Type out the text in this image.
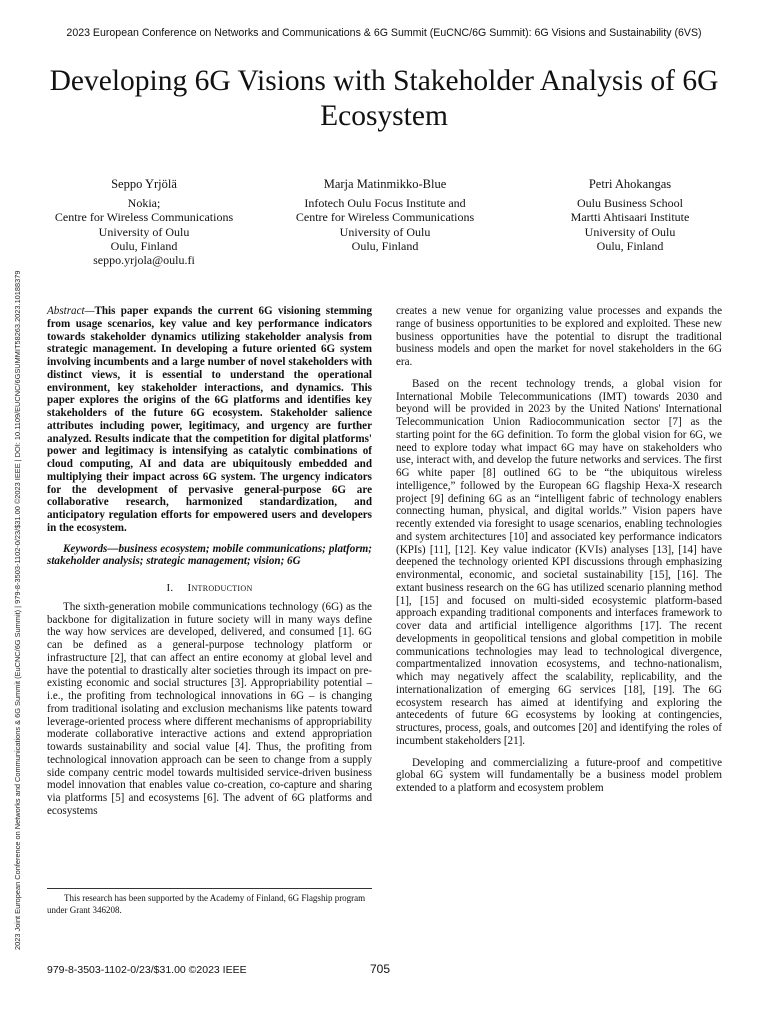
2023 European Conference on Networks and Communications & 6G Summit (EuCNC/6G Summit): 6G Visions and Sustainability (6VS)
Developing 6G Visions with Stakeholder Analysis of 6G Ecosystem
Seppo Yrjölä
Nokia;
Centre for Wireless Communications
University of Oulu
Oulu, Finland
seppo.yrjola@oulu.fi
Marja Matinmikko-Blue
Infotech Oulu Focus Institute and
Centre for Wireless Communications
University of Oulu
Oulu, Finland
Petri Ahokangas
Oulu Business School
Martti Ahtisaari Institute
University of Oulu
Oulu, Finland
2023 Joint European Conference on Networks and Communications & 6G Summit (EuCNC/6G Summit) | 979-8-3503-1102-0/23/$31.00 ©2023 IEEE | DOI: 10.1109/EUCNC/6GSUMMIT58263.2023.10188379 Abstract—This paper expands the current 6G visioning stemming from usage scenarios, key value and key performance indicators towards stakeholder dynamics utilizing stakeholder analysis from strategic management. In developing a future oriented 6G system involving incumbents and a large number of novel stakeholders with distinct views, it is essential to understand the operational environment, key stakeholder interactions, and dynamics. This paper explores the origins of the 6G platforms and identifies key stakeholders of the future 6G ecosystem. Stakeholder salience attributes including power, legitimacy, and urgency are further analyzed. Results indicate that the competition for digital platforms' power and legitimacy is intensifying as catalytic combinations of cloud computing, AI and data are ubiquitously embedded and multiplying their impact across 6G system. The urgency indicators for the development of pervasive general-purpose 6G are collaborative research, harmonized standardization, and anticipatory regulation efforts for empowered users and developers in the ecosystem.

Keywords—business ecosystem; mobile communications; platform; stakeholder analysis; strategic management; vision; 6G

I. Introduction

The sixth-generation mobile communications technology (6G) as the backbone for digitalization in future society will in many ways define the way how services are developed, delivered, and consumed [1]. 6G can be defined as a general-purpose technology platform or infrastructure [2], that can affect an entire economy at global level and have the potential to drastically alter societies through its impact on pre-existing economic and social structures [3]. Appropriability potential – i.e., the profiting from technological innovations in 6G – is changing from traditional isolating and exclusion mechanisms like patents toward leverage-oriented process where different mechanisms of appropriability moderate collaborative interactive actions and extend appropriation towards sustainability and social value [4]. Thus, the profiting from technological innovation approach can be seen to change from a supply side company centric model towards multisided service-driven business model innovation that enables value co-creation, co-capture and sharing via platforms [5] and ecosystems [6]. The advent of 6G platforms and ecosystems

creates a new venue for organizing value processes and expands the range of business opportunities to be explored and exploited. These new business opportunities have the potential to disrupt the traditional business models and open the market for novel stakeholders in the 6G era.

Based on the recent technology trends, a global vision for International Mobile Telecommunications (IMT) towards 2030 and beyond will be provided in 2023 by the United Nations' International Telecommunication Union Radiocommunication sector [7] as the starting point for the 6G definition. To form the global vision for 6G, we need to explore today what impact 6G may have on stakeholders who use, interact with, and develop the future networks and services. The first 6G white paper [8] outlined 6G to be “the ubiquitous wireless intelligence,” followed by the European 6G flagship Hexa-X research project [9] defining 6G as an “intelligent fabric of technology enablers connecting human, physical, and digital worlds.” Vision papers have recently extended via foresight to usage scenarios, enabling technologies and system architectures [10] and associated key performance indicators (KPIs) [11], [12]. Key value indicator (KVIs) analyses [13], [14] have deepened the technology oriented KPI discussions through emphasizing environmental, economic, and societal sustainability [15], [16]. The extant business research on the 6G has utilized scenario planning method [1], [15] and focused on multi-sided ecosystemic platform-based approach expanding traditional components and interfaces framework to cover data and artificial intelligence algorithms [17]. The recent developments in geopolitical tensions and global competition in mobile communications technologies may lead to technological divergence, compartmentalized innovation ecosystems, and techno-nationalism, which may negatively affect the scalability, replicability, and the internationalization of emerging 6G services [18], [19]. The 6G ecosystem research has aimed at identifying and exploring the antecedents of future 6G ecosystems by looking at contingencies, structures, process, goals, and outcomes [20] and identifying the roles of incumbent stakeholders [21].

Developing and commercializing a future-proof and competitive global 6G system will fundamentally be a business model problem extended to a platform and ecosystem problem

This research has been supported by the Academy of Finland, 6G Flagship program under Grant 346208.
979-8-3503-1102-0/23/$31.00 ©2023 IEEE	705
